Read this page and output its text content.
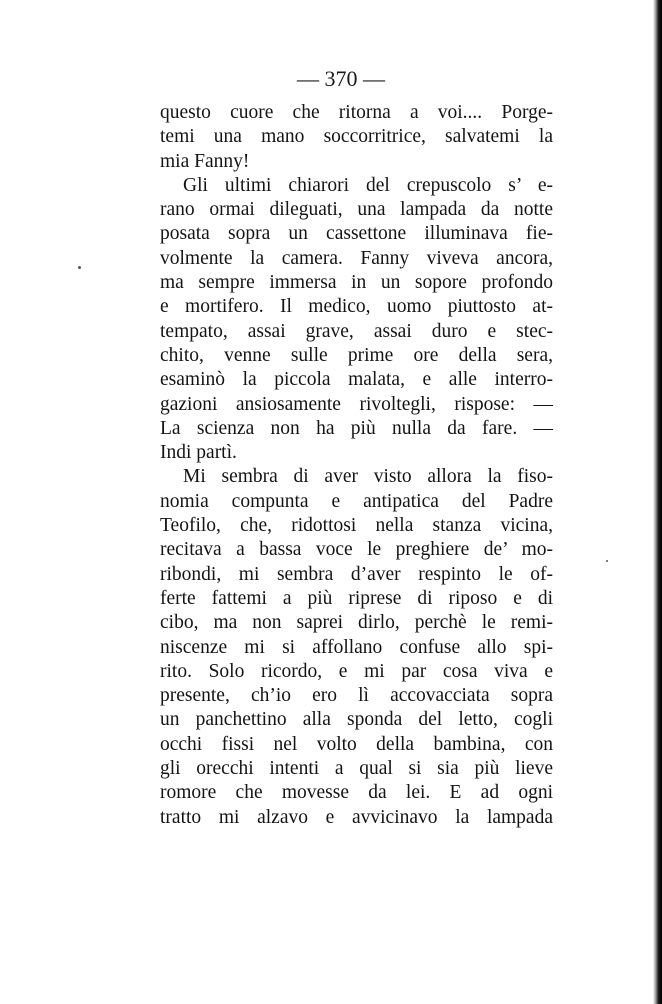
— 370 —
questo cuore che ritorna a voi.... Porge-
temi una mano soccorritrice, salvatemi la
mia Fanny!
Gli ultimi chiarori del crepuscolo s’ e-
rano ormai dileguati, una lampada da notte
posata sopra un cassettone illuminava fie-
volmente la camera. Fanny viveva ancora,
ma sempre immersa in un sopore profondo
e mortifero. Il medico, uomo piuttosto at-
tempato, assai grave, assai duro e stec-
chito, venne sulle prime ore della sera,
esaminò la piccola malata, e alle interro-
gazioni ansiosamente rivoltegli, rispose: —
La scienza non ha più nulla da fare. —
Indi partì.
Mi sembra di aver visto allora la fiso-
nomia compunta e antipatica del Padre
Teofilo, che, ridottosi nella stanza vicina,
recitava a bassa voce le preghiere de’ mo-
ribondi, mi sembra d’aver respinto le of-
ferte fattemi a più riprese di riposo e di
cibo, ma non saprei dirlo, perchè le remi-
niscenze mi si affollano confuse allo spi-
rito. Solo ricordo, e mi par cosa viva e
presente, ch’io ero lì accovacciata sopra
un panchettino alla sponda del letto, cogli
occhi fissi nel volto della bambina, con
gli orecchi intenti a qual si sia più lieve
romore che movesse da lei. E ad ogni
tratto mi alzavo e avvicinavo la lampada
